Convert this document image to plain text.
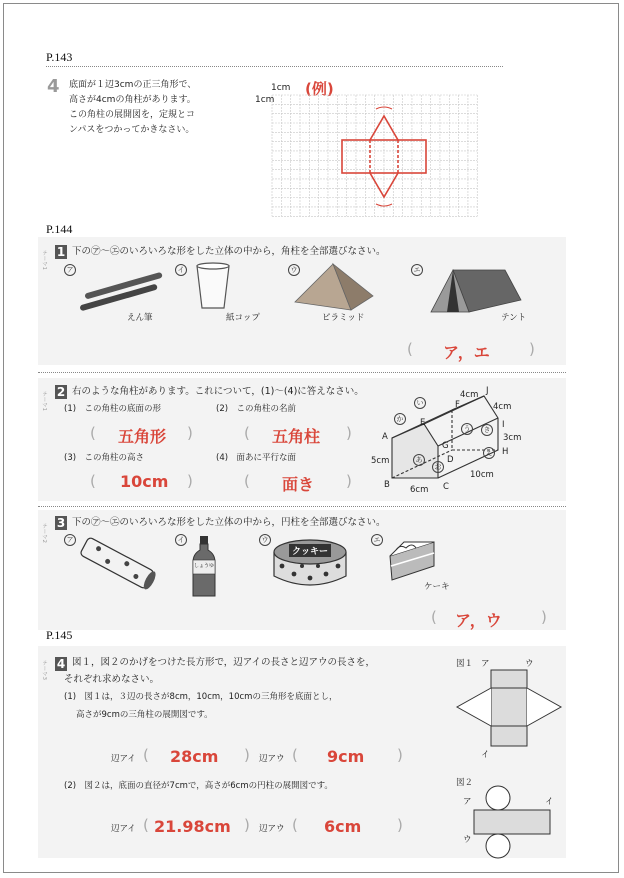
P.143
4 底面が１辺3cmの正三角形で、
高さが4cmの角柱があります。
この角柱の展開図を，定規とコ
ンパスをつかってかきなさい。
1cm
1cm
(例)
P.144
テーマ1 1 下の㋐～㋓のいろいろな形をした立体の中から，角柱を全部選びなさい。
ア	イ	ウ	エ
えん筆	紙コップ	ピラミッド	テント
( ア，エ	)
テーマ1 2 右のような角柱があります。これについて，(1)～(4)に答えなさい。
(1)　この角柱の底面の形	(2)　この角柱の名前
(3)　この角柱の高さ	(4)　面あに平行な面
( 五角形 )	( 五角柱 )
( 10cm )	( 面き )
A
B	C
D
E
F
G
H
I
J
あ
い
う
え
お
か
き
4cm
4cm
3cm
5cm
6cm
10cm
テーマ2 3 下の㋐～㋓のいろいろな形をした立体の中から，円柱を全部選びなさい。
ア	イ	ウ	エ
しょうゆ
クッキー
ケーキ
( ア，ウ	)
P.145
テーマ3 4 図１，図２のかげをつけた長方形で，辺アイの長さと辺アウの長さを，
それぞれ求めなさい。
(1)　図１は，３辺の長さが8cm，10cm，10cmの三角形を底面とし，
高さが9cmの三角柱の展開図です。
辺アイ ( 28cm ) 辺アウ ( 9cm )
(2)　図２は，底面の直径が7cmで，高さが6cmの円柱の展開図です。
辺アイ ( 21.98cm ) 辺アウ ( 6cm )
図１ ア	ウ
イ
図２
ア	イ
ウ
